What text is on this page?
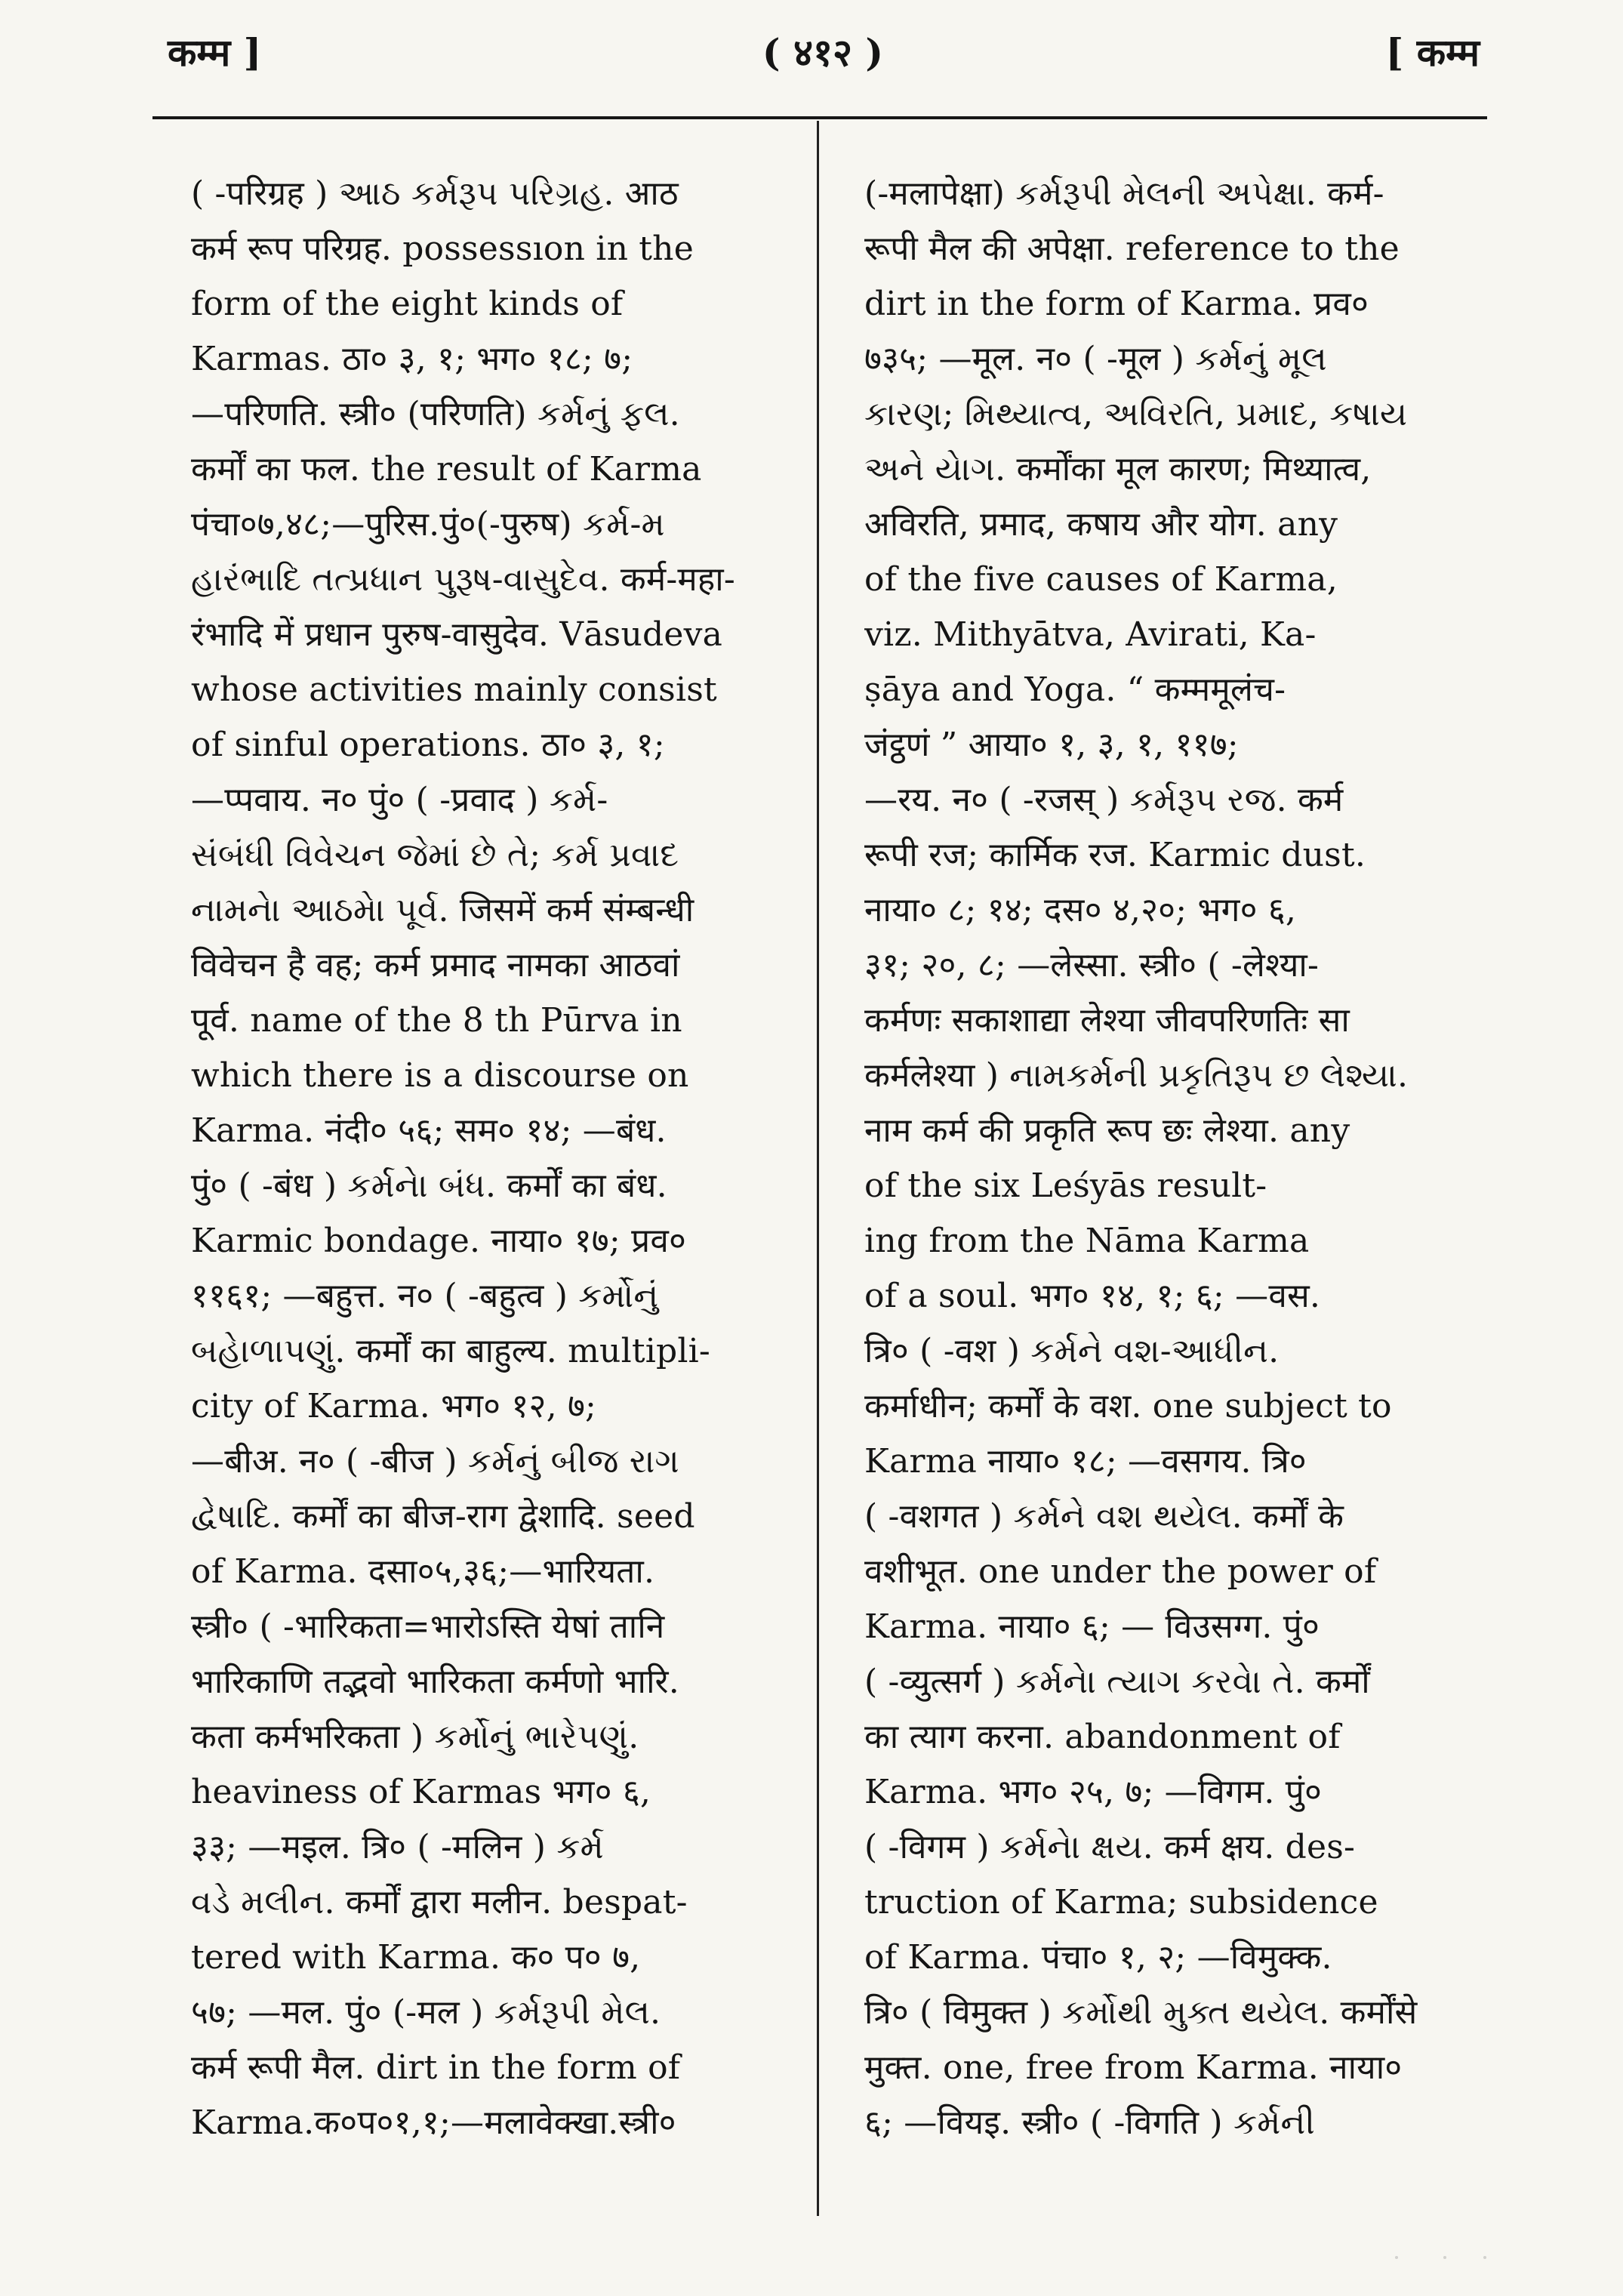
कम्म ]	( ४१२ )	[ कम्म
( -परिग्रह ) આઠ કર્મરૂપ પરિગ્રહ. आठ
कर्म रूप परिग्रह. possessıon in the
form of the eight kinds of
Karmas. ठा० ३, १; भग० १८; ७;
—परिणति. स्त्री० (परिणति) કર્મનું ફલ.
कर्मों का फल. the result of Karma
पंचा०७,४८;—पुरिस.पुं०(-पुरुष) કર્મ-મ
હારંભાદિ તત્પ્રધાન પુરૂષ-વાસુદેવ. कर्म-महा-
रंभादि में प्रधान पुरुष-वासुदेव. Vāsudeva
whose activities mainly consist
of sinful operations. ठा० ३, १;
—प्पवाय. न० पुं० ( -प्रवाद ) કર્મ-
સંબંધી વિવેચન જેમાં છે તે; કર્મ પ્રવાદ
નામનેા આઠમેા પૂર્વ. जिसमें कर्म संम्बन्धी
विवेचन है वह; कर्म प्रमाद नामका आठवां
पूर्व. name of the 8 th Pūrva in
which there is a discourse on
Karma. नंदी० ५६; सम० १४; —बंध.
पुं० ( -बंध ) કર્મનેા બંધ. कर्मों का बंध.
Karmic bondage. नाया० १७; प्रव०
११६१; —बहुत्त. न० ( -बहुत्व ) કર્મોનું
બહેાળાપણું. कर्मों का बाहुल्य. multipli-
city of Karma. भग० १२, ७;
—बीअ. न० ( -बीज ) કર્મનું બીજ રાગ
દ્વેષાદિ. कर्मों का बीज-राग द्वेशादि. seed
of Karma. दसा०५,३६;—भारियता.
स्त्री० ( -भारिकता=भारोऽस्ति येषां तानि
भारिकाणि तद्भवो भारिकता कर्मणो भारि.
कता कर्मभरिकता ) કર્મોનું ભારેપણું.
heaviness of Karmas भग० ६,
३३; —मइल. त्रि० ( -मलिन ) કર્મ
વડે મલીન. कर्मों द्वारा मलीन. bespat-
tered with Karma. क० प० ७,
५७; —मल. पुं० (-मल ) કર્મરૂપી મેલ.
कर्म रूपी मैल. dirt in the form of
Karma.क०प०१,१;—मलावेक्खा.स्त्री०
(-मलापेक्षा) કર્મરૂપી મેલની અપેક્ષા. कर्म-
रूपी मैल की अपेक्षा. reference to the
dirt in the form of Karma. प्रव०
७३५; —मूल. न० ( -मूल ) કર્મનું મૂલ
કારણ; મિથ્યાત્વ, અવિરતિ, પ્રમાદ, કષાય
અને યેાગ. कर्मोंका मूल कारण; मिथ्यात्व,
अविरति, प्रमाद, कषाय और योग. any
of the five causes of Karma,
viz. Mithyātva, Avirati, Ka-
ṣāya and Yoga. “ कम्ममूलंच-
जंट्ठणं ” आया० १, ३, १, ११७;
—रय. न० ( -रजस् ) કર્મરૂપ રજ. कर्म
रूपी रज; कार्मिक रज. Karmic dust.
नाया० ८; १४; दस० ४,२०; भग० ६,
३१; २०, ८; —लेस्सा. स्त्री० ( -लेश्या-
कर्मणः सकाशाद्या लेश्या जीवपरिणतिः सा
कर्मलेश्या ) નામકર્મની પ્રકૃતિરૂપ છ લેશ્યા.
नाम कर्म की प्रकृति रूप छः लेश्या. any
of the six Leśyās result-
ing from the Nāma Karma
of a soul. भग० १४, १; ६; —वस.
त्रि० ( -वश ) કર્મને વશ-આધીન.
कर्माधीन; कर्मों के वश. one subject to
Karma नाया० १८; —वसगय. त्रि०
( -वशगत ) કર્મને વશ થયેલ. कर्मों के
वशीभूत. one under the power of
Karma. नाया० ६; — विउसग्ग. पुं०
( -व्युत्सर्ग ) કર્મનેા ત્યાગ કરવેા તે. कर्मों
का त्याग करना. abandonment of
Karma. भग० २५, ७; —विगम. पुं०
( -विगम ) કર્મનેા ક્ષય. कर्म क्षय. des-
truction of Karma; subsidence
of Karma. पंचा० १, २; —विमुक्क.
त्रि० ( विमुक्त ) કર્મોથી મુક્ત થયેલ. कर्मोंसे
मुक्त. one, free from Karma. नाया०
६; —वियइ. स्त्री० ( -विगति ) કર્મની
